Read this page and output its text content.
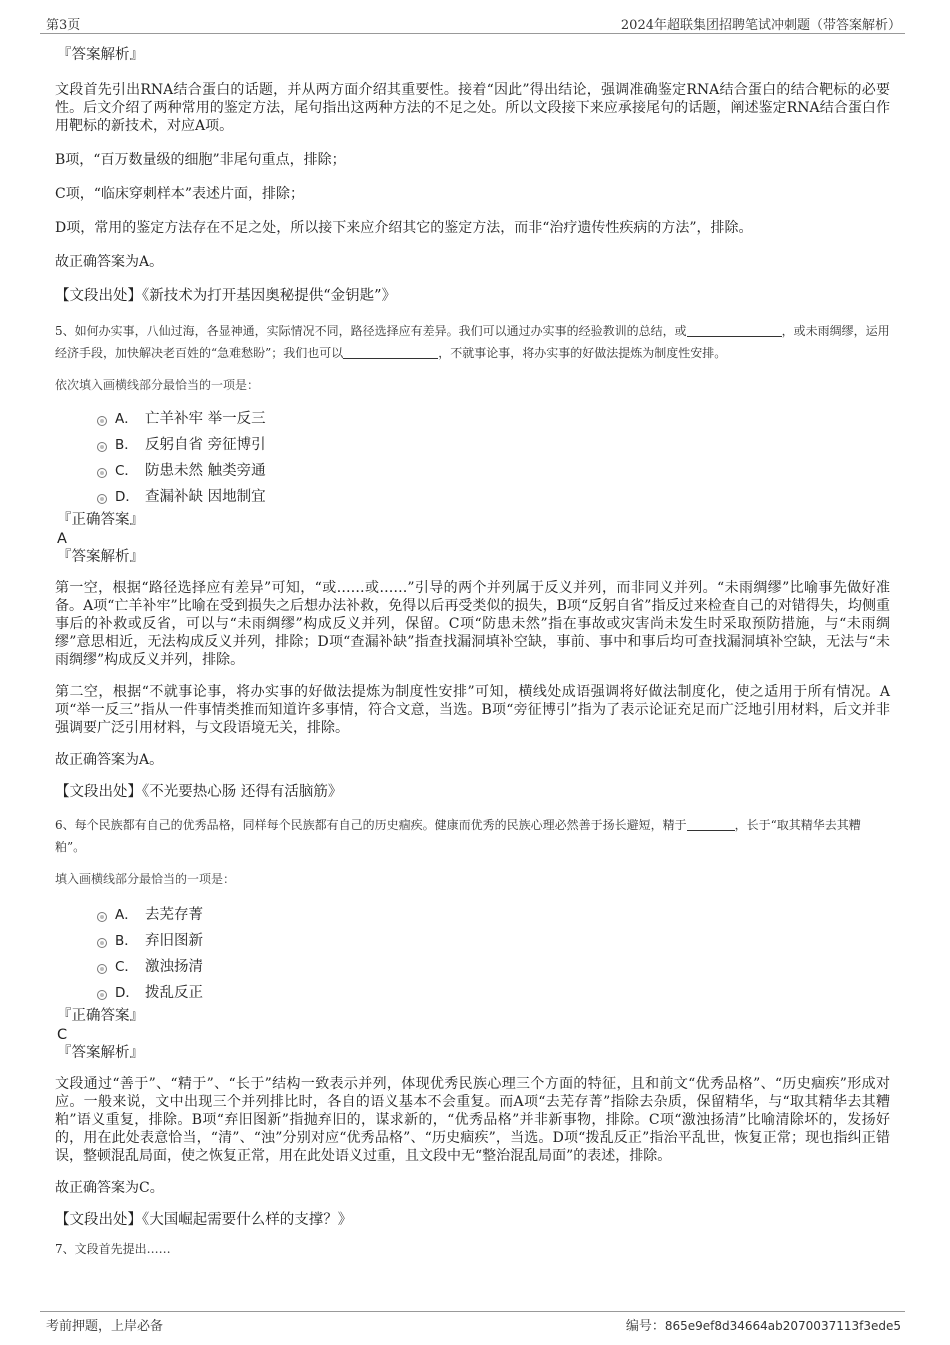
第3页	2024年超联集团招聘笔试冲刺题（带答案解析）
『答案解析』
文段首先引出RNA结合蛋白的话题，并从两方面介绍其重要性。接着“因此”得出结论，强调准确鉴定RNA结合蛋白的结合靶标的必要性。后文介绍了两种常用的鉴定方法，尾句指出这两种方法的不足之处。所以文段接下来应承接尾句的话题，阐述鉴定RNA结合蛋白作用靶标的新技术，对应A项。
B项，“百万数量级的细胞”非尾句重点，排除；
C项，“临床穿刺样本”表述片面，排除；
D项，常用的鉴定方法存在不足之处，所以接下来应介绍其它的鉴定方法，而非“治疗遗传性疾病的方法”，排除。
故正确答案为A。
【文段出处】《新技术为打开基因奥秘提供“金钥匙”》
5、如何办实事，八仙过海，各显神通，实际情况不同，路径选择应有差异。我们可以通过办实事的经验教训的总结，或	，或未雨绸缪，运用经济手段，加快解决老百姓的“急难愁盼”；我们也可以	，不就事论事，将办实事的好做法提炼为制度性安排。
依次填入画横线部分最恰当的一项是：
A． 亡羊补牢 举一反三
B． 反躬自省 旁征博引
C． 防患未然 触类旁通
D． 查漏补缺 因地制宜
『正确答案』
A
『答案解析』
第一空，根据“路径选择应有差异”可知，“或……或……”引导的两个并列属于反义并列，而非同义并列。“未雨绸缪”比喻事先做好准备。A项“亡羊补牢”比喻在受到损失之后想办法补救，免得以后再受类似的损失，B项“反躬自省”指反过来检查自己的对错得失，均侧重事后的补救或反省，可以与“未雨绸缪”构成反义并列，保留。C项“防患未然”指在事故或灾害尚未发生时采取预防措施，与“未雨绸缪”意思相近，无法构成反义并列，排除；D项“查漏补缺”指查找漏洞填补空缺，事前、事中和事后均可查找漏洞填补空缺，无法与“未雨绸缪”构成反义并列，排除。
第二空，根据“不就事论事，将办实事的好做法提炼为制度性安排”可知，横线处成语强调将好做法制度化，使之适用于所有情况。A项“举一反三”指从一件事情类推而知道许多事情，符合文意，当选。B项“旁征博引”指为了表示论证充足而广泛地引用材料，后文并非强调要广泛引用材料，与文段语境无关，排除。
故正确答案为A。
【文段出处】《不光要热心肠 还得有活脑筋》
6、每个民族都有自己的优秀品格，同样每个民族都有自己的历史痼疾。健康而优秀的民族心理必然善于扬长避短，精于	，长于“取其精华去其糟粕”。
填入画横线部分最恰当的一项是：
A． 去芜存菁
B． 弃旧图新
C． 激浊扬清
D． 拨乱反正
『正确答案』
C
『答案解析』
文段通过“善于”、“精于”、“长于”结构一致表示并列，体现优秀民族心理三个方面的特征，且和前文“优秀品格”、“历史痼疾”形成对应。一般来说，文中出现三个并列排比时，各自的语义基本不会重复。而A项“去芜存菁”指除去杂质，保留精华，与“取其精华去其糟粕”语义重复，排除。B项“弃旧图新”指抛弃旧的，谋求新的，“优秀品格”并非新事物，排除。C项“激浊扬清”比喻清除坏的，发扬好的，用在此处表意恰当，“清”、“浊”分别对应“优秀品格”、“历史痼疾”，当选。D项“拨乱反正”指治平乱世，恢复正常；现也指纠正错误，整顿混乱局面，使之恢复正常，用在此处语义过重，且文段中无“整治混乱局面”的表述，排除。
故正确答案为C。
【文段出处】《大国崛起需要什么样的支撑？》
7、文段首先提出……
考前押题，上岸必备	编号：865e9ef8d34664ab2070037113f3ede5
